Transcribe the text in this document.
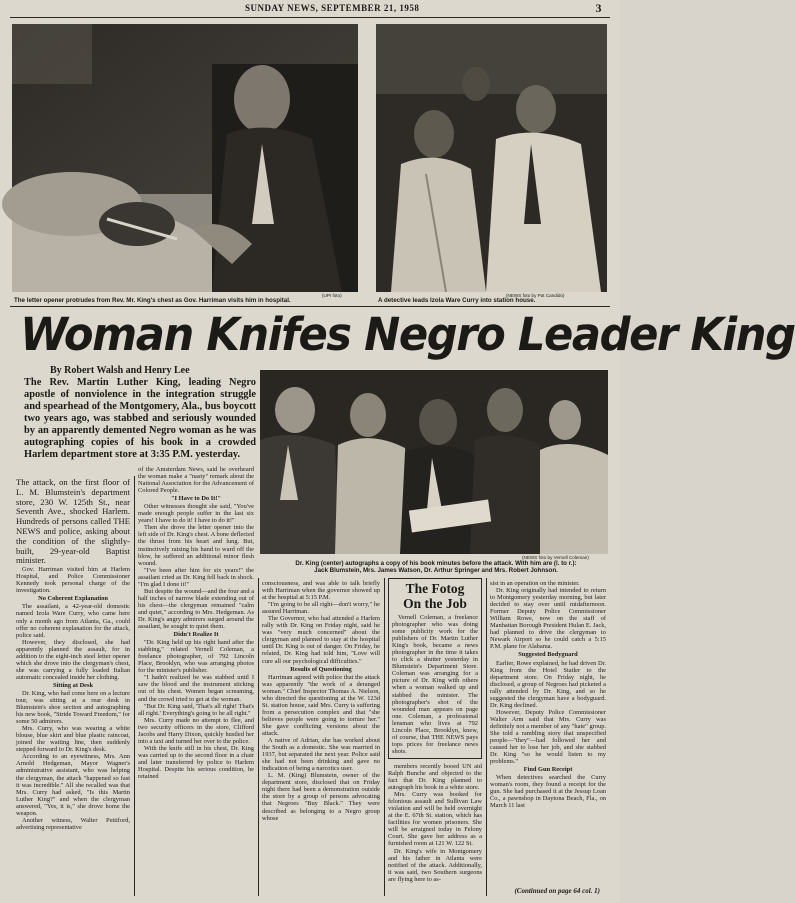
SUNDAY NEWS, SEPTEMBER 21, 1958	3
(UPI foto)
The letter opener protrudes from Rev. Mr. King's chest as Gov. Harriman visits him in hospital.
(NEWS foto by Pat Candido)
A detective leads Izola Ware Curry into station house.
Woman Knifes Negro Leader King
By Robert Walsh and Henry Lee
The Rev. Martin Luther King, leading Negro apostle of nonviolence in the integration struggle and spearhead of the Montgomery, Ala., bus boycott two years ago, was stabbed and seriously wounded by an apparently demented Negro woman as he was autographing copies of his book in a crowded Harlem department store at 3:35 P.M. yesterday.
(NEWS foto by Vernell Coleman)
Dr. King (center) autographs a copy of his book minutes before the attack. With him are (l. to r.):
Jack Blumstein, Mrs. James Watson, Dr. Arthur Springer and Mrs. Robert Johnson.

The attack, on the first floor of L. M. Blumstein's department store, 230 W. 125th St., near Seventh Ave., shocked Harlem. Hundreds of persons called THE NEWS and police, asking about the condition of the slightly-built, 29-year-old Baptist minister.

Gov. Harriman visited him at Harlem Hospital, and Police Commissioner Kennedy took personal charge of the investigation.

No Coherent Explanation

The assailant, a 42-year-old domestic named Izola Ware Curry, who came here only a month ago from Atlanta, Ga., could offer no coherent explanation for the attack, police said.

However, they disclosed, she had apparently planned the assault, for in addition to the eight-inch steel letter opener which she drove into the clergyman's chest, she was carrying a fully loaded Italian automatic concealed inside her clothing.

Sitting at Desk

Dr. King, who had come here on a lecture tour, was sitting at a rear desk in Blumstein's shoe section and autographing his new book, "Stride Toward Freedom," for some 50 admirers.

Mrs. Curry, who was wearing a white blouse, blue skirt and blue plastic raincoat, joined the waiting line, then suddenly stepped forward to Dr. King's desk.

According to an eyewitness, Mrs. Ann Arnold Hedgeman, Mayor Wagner's administrative assistant, who was helping the clergyman, the attack "happened so fast it was incredible." All she recalled was that Mrs. Curry had asked, "Is this Martin Luther King?" and when the clergyman answered, "Yes, it is," she drove home the weapon.

Another witness, Walter Pettiford, advertising representative

of the Amsterdam News, said he overheard the woman make a "nasty" remark about the National Association for the Advancement of Colored People.

"I Have to Do It!"

Other witnesses thought she said, "You've made enough people suffer in the last six years! I have to do it! I have to do it!"

Then she drove the letter opener into the left side of Dr. King's chest. A bone deflected the thrust from his heart and lung. But, instinctively raising his hand to ward off the blow, he suffered an additional minor flesh wound.

"I've been after him for six years!" the assailant cried as Dr. King fell back in shock. "I'm glad I done it!"

But despite the wound—and the four and a half inches of narrow blade extending out of his chest—the clergyman remained "calm and quiet," according to Mrs. Hedgeman. As Dr. King's angry admirers surged around the assailant, he sought to quiet them.

Didn't Realize It

"Dr. King held up his right hand after the stabbing," related Vernell Coleman, a freelance photographer, of 792 Lincoln Place, Brooklyn, who was arranging photos for the minister's publisher.

"I hadn't realized he was stabbed until I saw the blood and the instrument sticking out of his chest. Women began screaming, and the crowd tried to get at the woman.

"But Dr. King said, 'That's all right! That's all right.' Everything's going to be all right."

Mrs. Curry made no attempt to flee, and two security officers in the store, Clifford Jacobs and Harry Dixon, quickly hustled her into a taxi and turned her over to the police.

With the knife still in his chest, Dr. King was carried up to the second floor in a chair and later transferred by police to Harlem Hospital. Despite his serious condition, he retained

consciousness, and was able to talk briefly with Harriman when the governor showed up at the hospital at 5:15 P.M.

"I'm going to be all right—don't worry," he assured Harriman.

The Governor, who had attended a Harlem rally with Dr. King on Friday night, said he was "very much concerned" about the clergyman and planned to stay at the hospital until Dr. King is out of danger. On Friday, he related, Dr. King had told him, "Love will cure all our psychological difficulties."

Results of Questioning

Harriman agreed with police that the attack was apparently "the work of a deranged woman." Chief Inspector Thomas A. Nielson, who directed the questioning at the W. 123d St. station house, said Mrs. Curry is suffering from a persecution complex and that "she believes people were going to torture her." She gave conflicting versions about the attack.

A native of Adrian, she has worked about the South as a domestic. She was married in 1937, but separated the next year. Police said she had not been drinking and gave no indication of being a narcotics user.

L. M. (King) Blumstein, owner of the department store, disclosed that on Friday night there had been a demonstration outside the store by a group of persons advocating that Negroes "Buy Black." They were described as belonging to a Negro group whose

The Fotog
On the Job

Vernell Coleman, a freelance photographer who was doing some publicity work for the publishers of Dr. Martin Luther King's book, became a news photographer in the time it takes to click a shutter yesterday in Blumstein's Department Store. Coleman was arranging for a picture of Dr. King with others when a woman walked up and stabbed the minister. The photographer's shot of the wounded man appears on page one. Coleman, a professional lensman who lives at 792 Lincoln Place, Brooklyn, knew, of course, that THE NEWS pays tops prices for freelance news shots.

members recently booed UN aid Ralph Bunche and objected to the fact that Dr. King planned to autograph his book in a white store.

Mrs. Curry was booked for felonious assault and Sullivan Law violation and will be held overnight at the E. 67th St. station, which has facilities for women prisoners. She will be arraigned today in Felony Court. She gave her address as a furnished room at 121 W. 122 St.

Dr. King's wife in Montgomery and his father in Atlanta were notified of the attack. Additionally, it was said, two Southern surgeons are flying here to as-

sist in an operation on the minister.

Dr. King originally had intended to return to Montgomery yesterday morning, but later decided to stay over until midafternoon. Former Deputy Police Commissioner William Rowe, now on the staff of Manhattan Borough President Hulan E. Jack, had planned to drive the clergyman to Newark Airport so he could catch a 5:15 P.M. plane for Alabama.

Suggested Bodyguard

Earlier, Rowe explained, he had driven Dr. King from the Hotel Statler to the department store. On Friday night, he disclosed, a group of Negroes had picketed a rally attended by Dr. King, and so he suggested the clergyman have a bodyguard. Dr. King declined.

However, Deputy Police Commissioner Walter Arm said that Mrs. Curry was definitely not a member of any "hate" group. She told a rambling story that unspecified people—"they"—had followed her and caused her to lose her job, and she stabbed Dr. King "so he would listen to my problems."

Find Gun Receipt

When detectives searched the Curry woman's room, they found a receipt for the gun. She had purchased it at the Jessup Loan Co., a pawnshop in Daytona Beach, Fla., on March 11 last

(Continued on page 64 col. 1)
